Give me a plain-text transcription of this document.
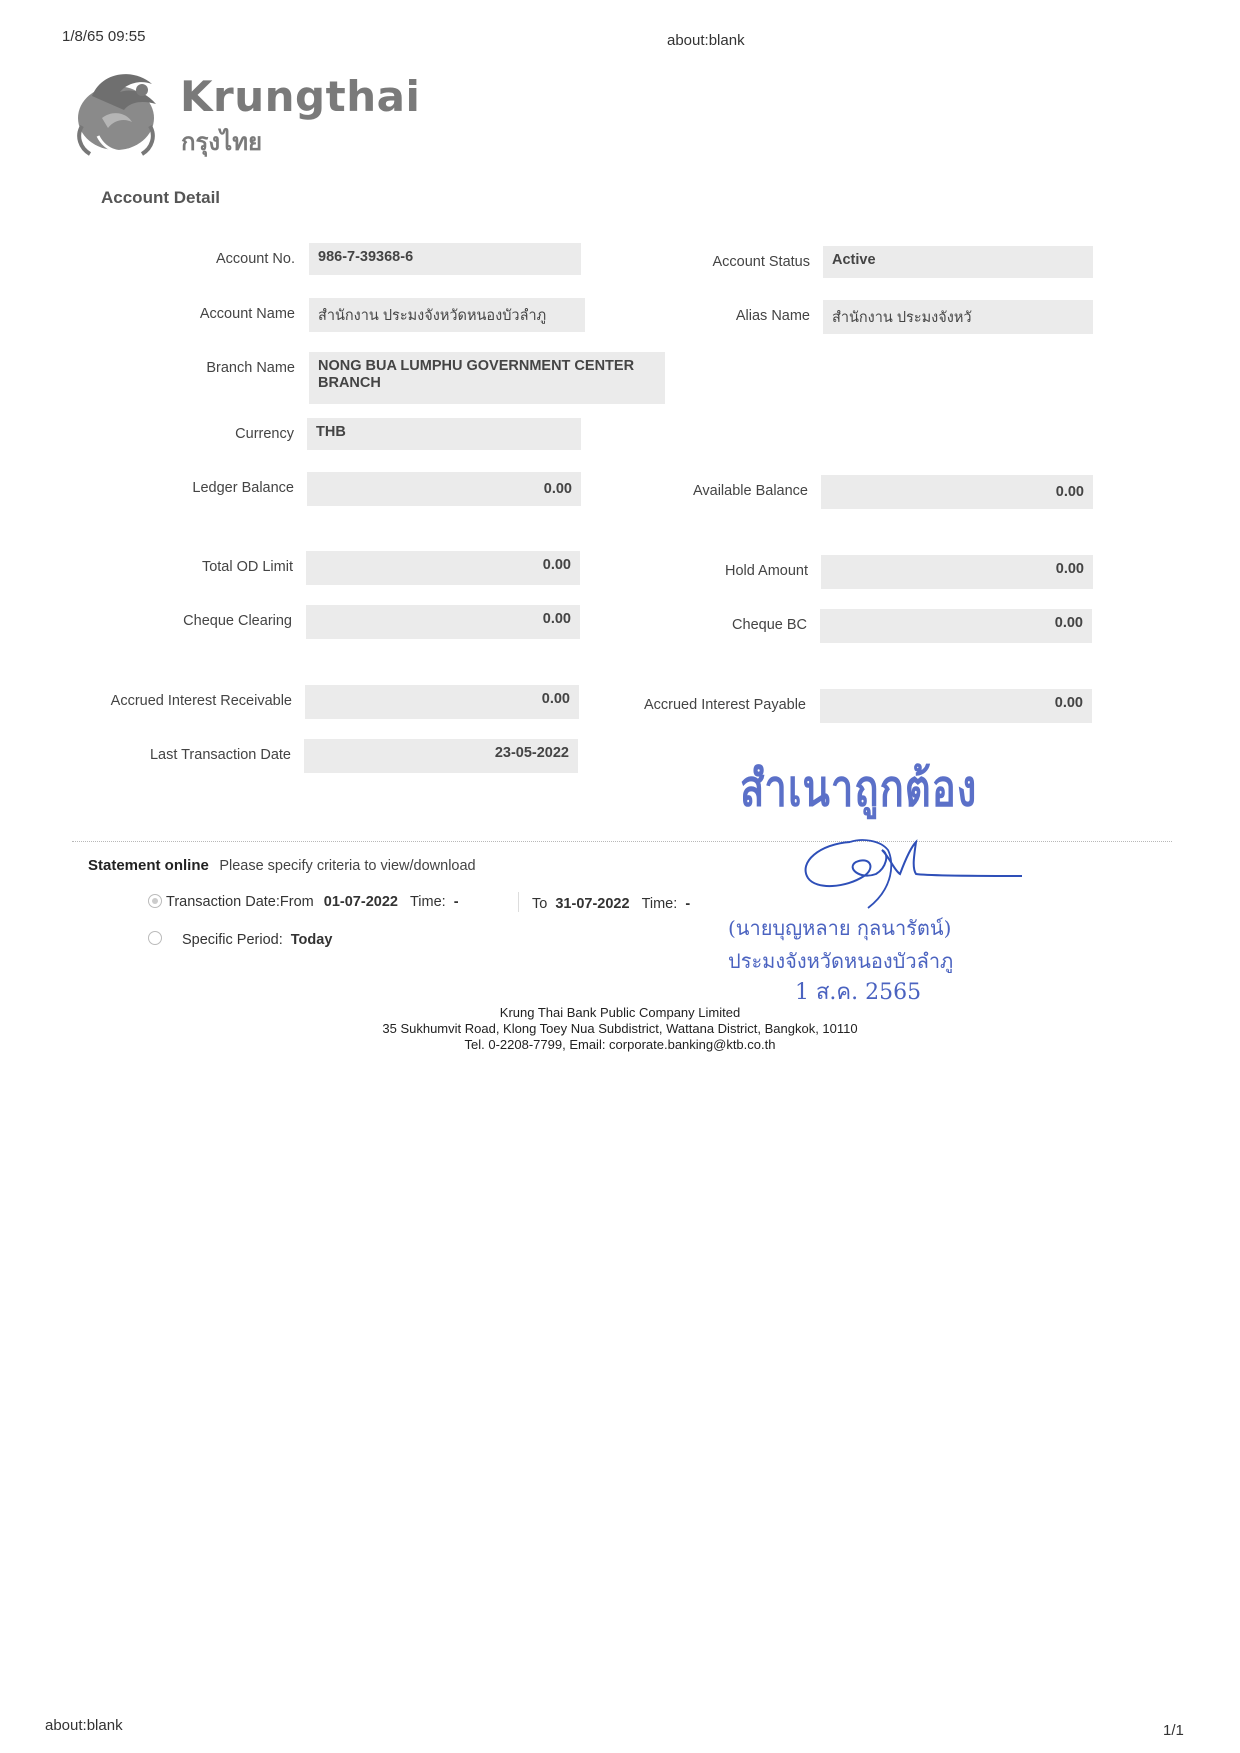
1/8/65 09:55	about:blank
Krungthai
กรุงไทย
Account Detail
Account No.	986-7-39368-6	Account Status	Active
Account Name	สำนักงาน ประมงจังหวัดหนองบัวลำภู	Alias Name	สำนักงาน ประมงจังหวั
Branch Name NONG BUA LUMPHU GOVERNMENT CENTER
BRANCH
Currency	THB
Ledger Balance	0.00	Available Balance	0.00
Total OD Limit	0.00	Hold Amount	0.00
Cheque Clearing	0.00	Cheque BC	0.00
Accrued Interest Receivable	0.00	Accrued Interest Payable	0.00
Last Transaction Date	23-05-2022
สำเนาถูกต้อง
Statement online Please specify criteria to view/download
Transaction Date:From 01-07-2022 Time: -	To 31-07-2022 Time: -
Specific Period: Today	(นายบุญหลาย กุลนารัตน์)
ประมงจังหวัดหนองบัวลำภู
1 ส.ค. 2565
Krung Thai Bank Public Company Limited
35 Sukhumvit Road, Klong Toey Nua Subdistrict, Wattana District, Bangkok, 10110
Tel. 0-2208-7799, Email: corporate.banking@ktb.co.th
about:blank	1/1
